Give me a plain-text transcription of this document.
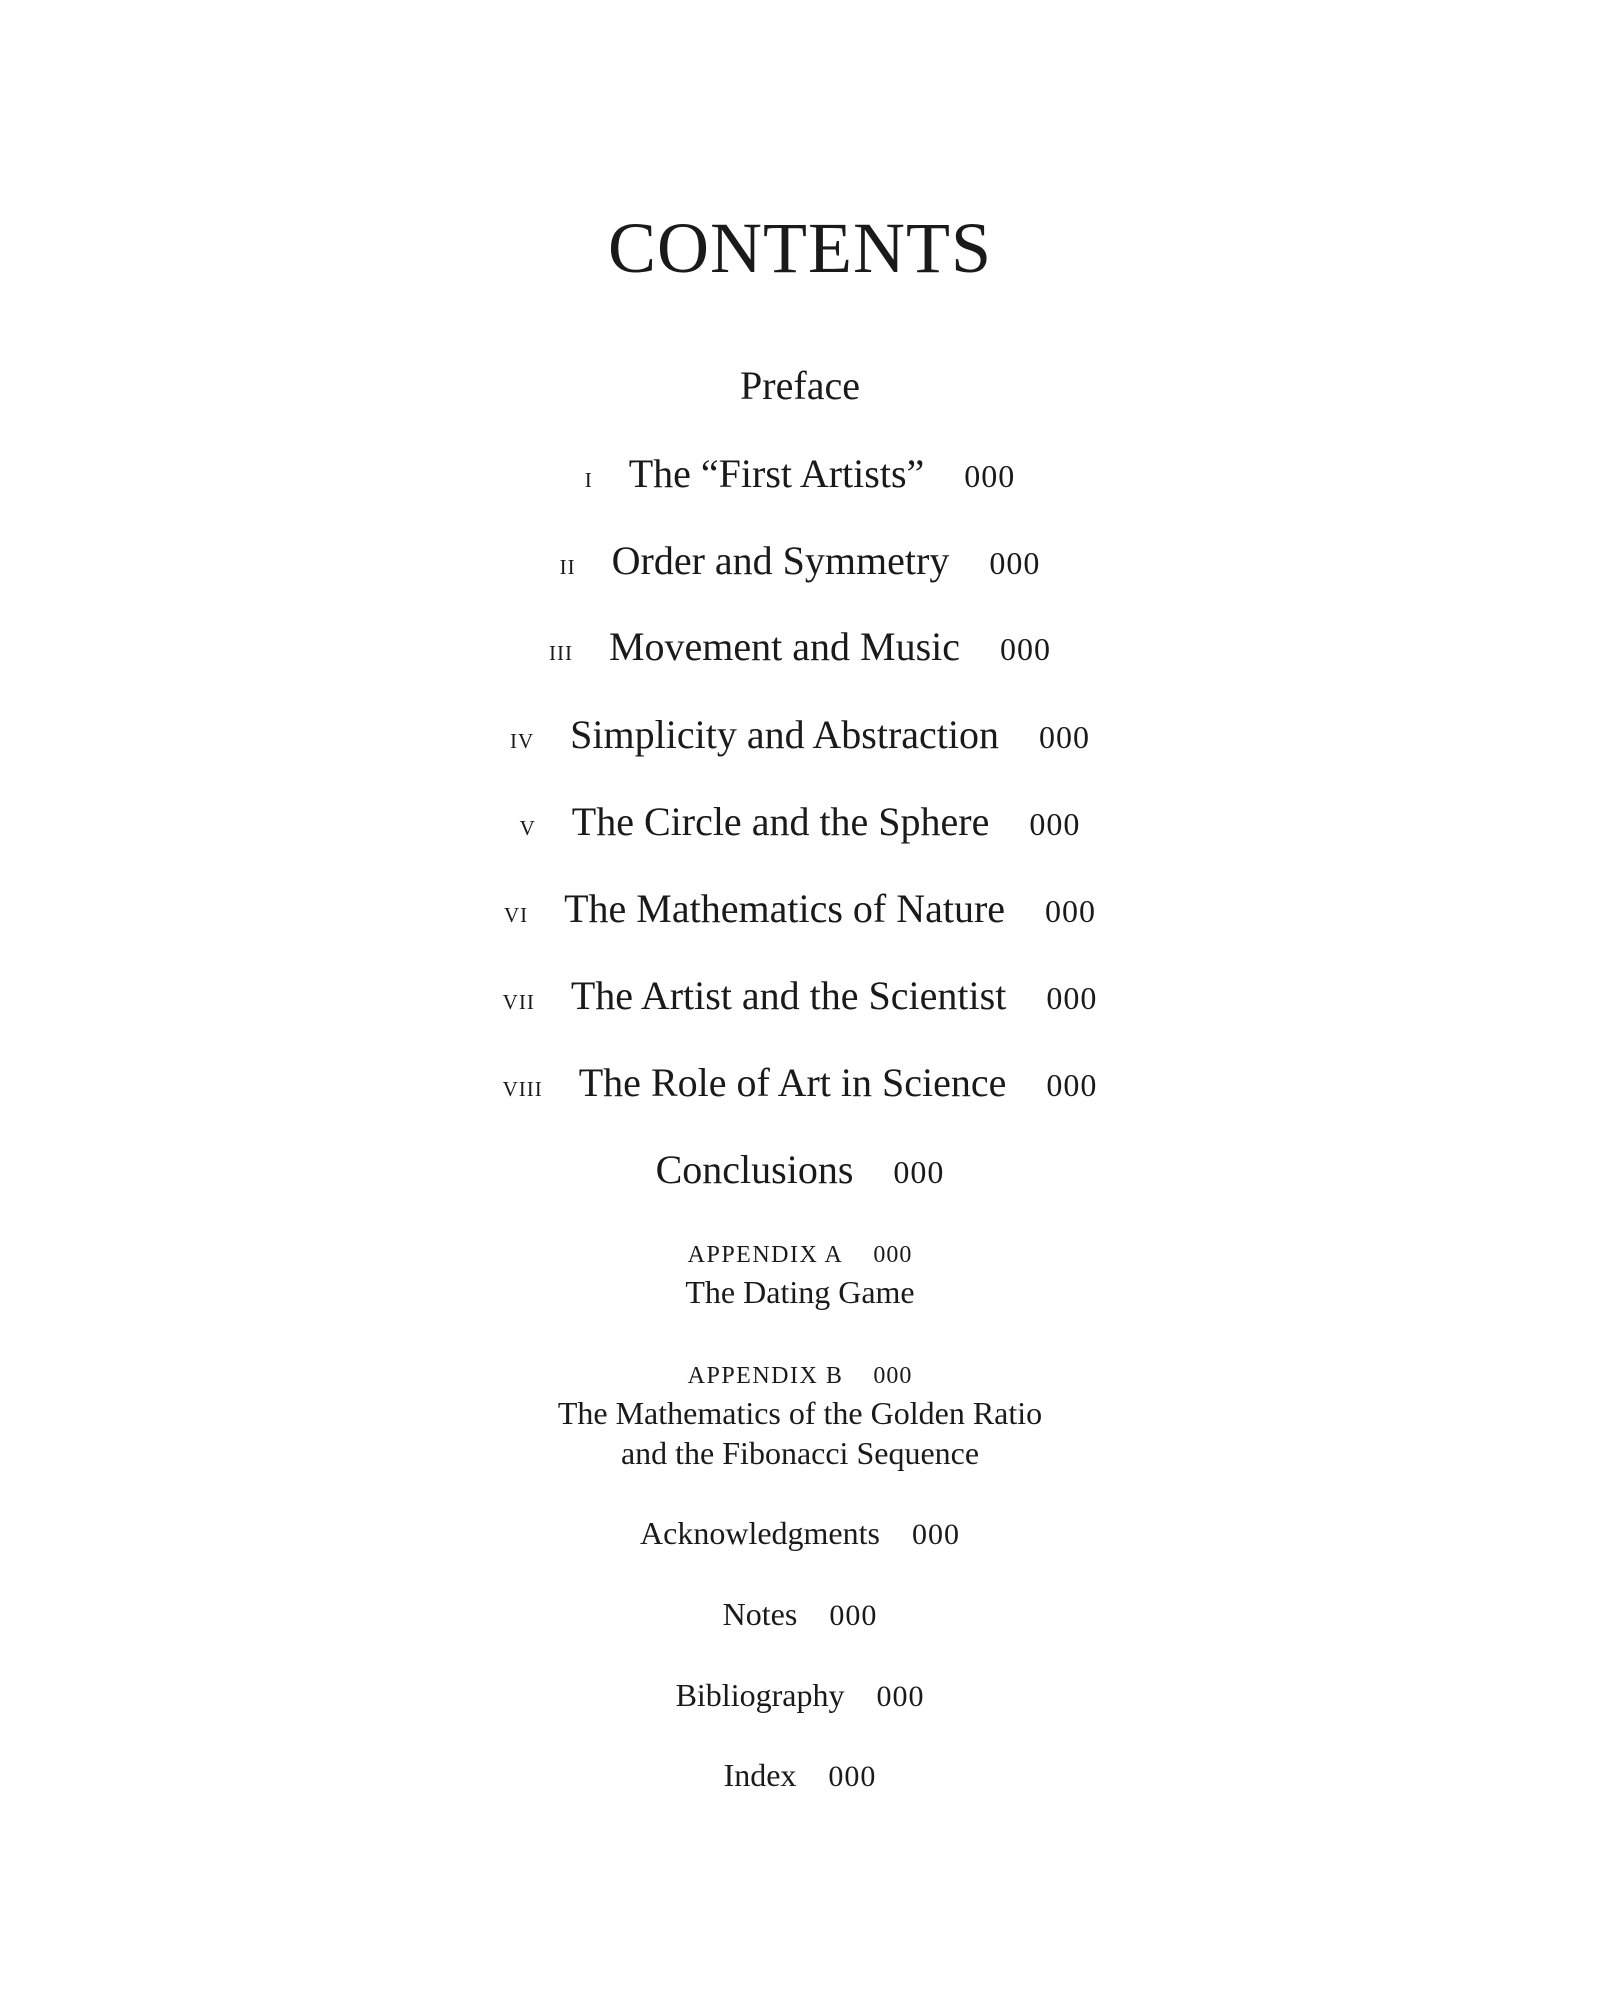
CONTENTS
Preface
i The “First Artists” 000
ii Order and Symmetry 000
iii Movement and Music 000
iv Simplicity and Abstraction 000
v The Circle and the Sphere 000
vi The Mathematics of Nature 000
vii The Artist and the Scientist 000
viii The Role of Art in Science 000
Conclusions 000
APPENDIX A 000
The Dating Game
APPENDIX B 000
The Mathematics of the Golden Ratio
and the Fibonacci Sequence
Acknowledgments 000
Notes 000
Bibliography 000
Index 000
